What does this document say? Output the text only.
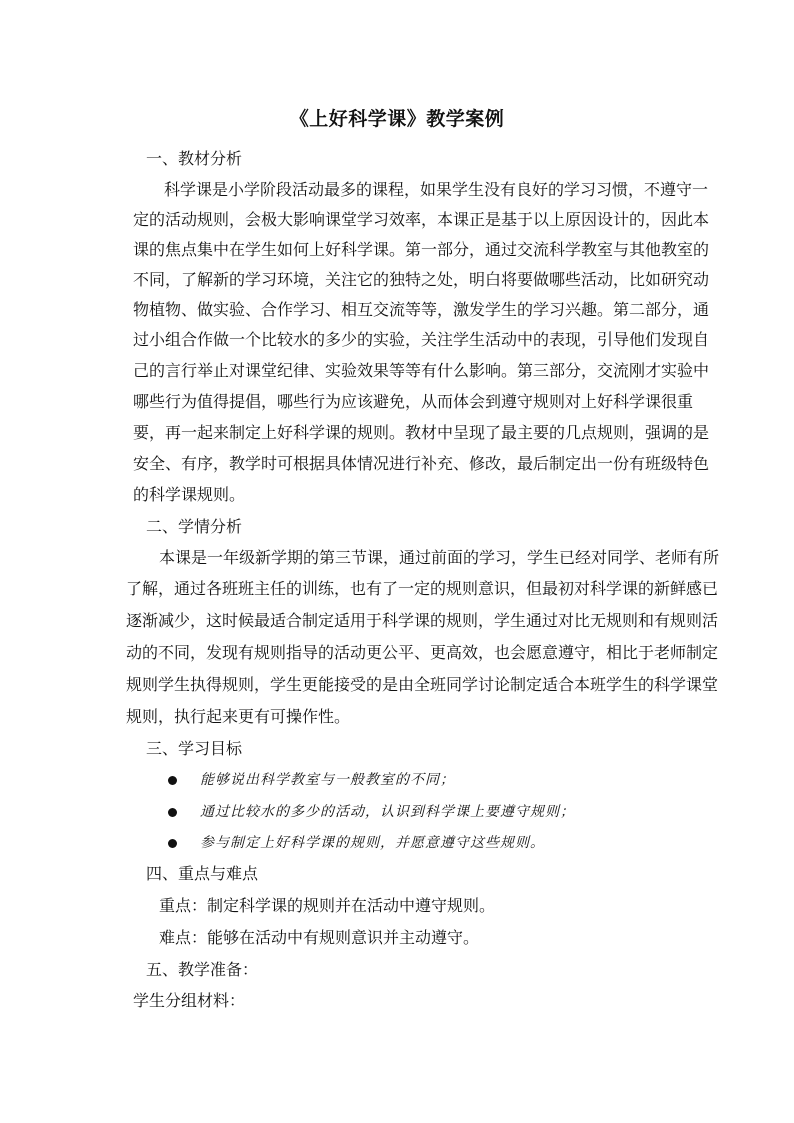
《上好科学课》教学案例
一、教材分析
科学课是小学阶段活动最多的课程，如果学生没有良好的学习习惯，不遵守一
定的活动规则，会极大影响课堂学习效率，本课正是基于以上原因设计的，因此本
课的焦点集中在学生如何上好科学课。第一部分，通过交流科学教室与其他教室的
不同，了解新的学习环境，关注它的独特之处，明白将要做哪些活动，比如研究动
物植物、做实验、合作学习、相互交流等等，激发学生的学习兴趣。第二部分，通
过小组合作做一个比较水的多少的实验，关注学生活动中的表现，引导他们发现自
己的言行举止对课堂纪律、实验效果等等有什么影响。第三部分，交流刚才实验中
哪些行为值得提倡，哪些行为应该避免，从而体会到遵守规则对上好科学课很重
要，再一起来制定上好科学课的规则。教材中呈现了最主要的几点规则，强调的是
安全、有序，教学时可根据具体情况进行补充、修改，最后制定出一份有班级特色
的科学课规则。
二、学情分析
本课是一年级新学期的第三节课，通过前面的学习，学生已经对同学、老师有所
了解，通过各班班主任的训练，也有了一定的规则意识，但最初对科学课的新鲜感已
逐渐减少，这时候最适合制定适用于科学课的规则，学生通过对比无规则和有规则活
动的不同，发现有规则指导的活动更公平、更高效，也会愿意遵守，相比于老师制定
规则学生执得规则，学生更能接受的是由全班同学讨论制定适合本班学生的科学课堂
规则，执行起来更有可操作性。
三、学习目标
能够说出科学教室与一般教室的不同；
通过比较水的多少的活动，认识到科学课上要遵守规则；
参与制定上好科学课的规则，并愿意遵守这些规则。
四、重点与难点
重点：制定科学课的规则并在活动中遵守规则。
难点：能够在活动中有规则意识并主动遵守。
五、教学准备：
学生分组材料：
